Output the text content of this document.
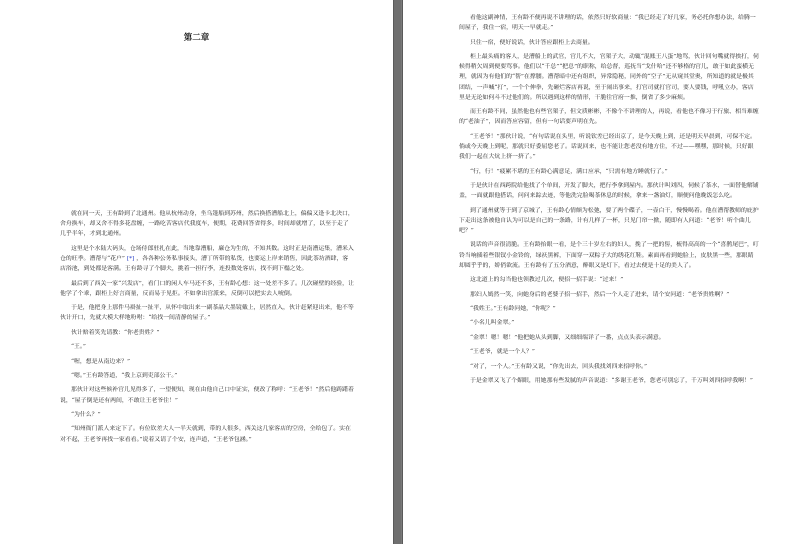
第二章

就在同一天，王有龄到了北通州。他从杭州动身，坐乌篷船到苏州，然后换搭漕船北上，偏偏又逢卡北决口，舍舟换车，却又舍不得多花盘缠，一路吃苦客店代我度车，便期，花费回答省得多，时间却就增了，以至于走了几乎半年，才到北通州。

这里是个水陆大码头，仓场侍郎驻扎在此，当地靠漕船，廉仓为生的，不知其数。这时正是南漕运集，漕米入仓的旺季。漕帮与“花户” [*] ，各各种公务私事接头，漕丁所带的私货，也要运上岸来销售，因此茶坊酒肆，客店浴池，到处都是客满。王有龄寻了个脚夫，挑着一担行李，连投数处客店，找不到下榻之处。

最后到了西关一家“兴发店”，看门口的闲人车马还不多，王有龄心想：这一处差不多了。几次碰壁的经验，让他学了个乖，跟柜上好言商量，反而易于见拒。不如拿出官派来，反倒可以把实去人唬倒。

于是，他把身上那件马褂扯一扯平，从怀中取出来一副茶晶大墨镜戴上，居然直入，伙计赶紧迎出来，他不等伙计开口，先就大模大样地吩咐：“给找一间清静的屋子。”

伙计赔着笑先请教：“你老贵姓？”

“王。”

“喔，想是从南边来？”

“嗯。”王有龄答道，“我上京到吏部公干。”

那伙计对这些候补官儿见得多了，一望便知，现在由他自己口中证实，便改了称呼：“王老爷！”然后他踌躇着说，“屋子倒是还有两间，不敢让王老爷住！”

“为什么？”

“知州衙门派人来定下了。有位钦差大人一半天就到，带的人很多，西关这几家客店的空房，全给包了。实在对不起，王老爷再找一家看看。”说着又请了个安，连声道，“王老爷包涵。”

看他这副神情，王有龄不便再说不讲理的话，依然只好软商量：“我已经走了好几家，务必托你想办法，给腾一间屋子，我住一宿，明天一早就走。”

只住一宿，便好说话，伙计答应跟柜上去商量。

柜上最头痛的客人，是漕船上的武官，官儿不大，官架子大，动辄“混账王八蛋”地骂，伙计回句嘴就得挨打，伺候得稍欠周到便要骂事。他们以“千总”“把总”的职称，给总督，巡抚当“戈什哈”还不够格的官儿，敢于如此蛮横无理，就因为有他们的“帮”在撑腰。漕帮暗中还有组织，异常隐秘，同外的“空子”无从窥其堂奥，所知道的就是极其团结，一声喊“打”，一个个伸拳，先砸烂客店再说，至于闹出事来，打官司就打官司，要人要钱，呼吼立办，客店里是无论如何斗不过他们的。所以遇到这样的情形，干脆往官府一推，倒省了多少麻烦。

而王有龄不同，虽然他也有些官架子，但文质彬彬，不像个不讲理的人，再说，看他也不像习于行旅、相当难缠的“老油子”，因而答应容留，但有一句话要声明在先。

“王老爷！”那伙计说，“有句话说在头里，听说钦差已经出京了，是今天晚上到，还是明天早晨到，可保不定。倘或今天晚上到呢，那就只好委屈您老了。话说回来，也不能让您老没有地方住，不过——嘿嘿，那时候，只好跟我们一起在大炕上挤一挤了。”

“行，行！”疲累不堪的王有龄心满意足，满口应承，“只需有地方睡就行了。”

于是伙计在西跨院给他找了个单间，开发了脚夫，把行李拿到屋内。那伙计叫刘四，伺候了茶水，一面替他解铺盖，一面就跟他搭话，问问来踪去迹，等他洗完脸喝茶休息的时候，拿来一盏油灯，顺便问他晚饭怎么吃。

到了通州就等于到了京城了，王有龄心情颇为松弛，要了两个碟子，一壶白干，慢慢喝着。他在漕帮教师的庇护下走出这条被他自认为可以是自己的一条路，计有几样了一杯，只见门帘一掀，随即有人问道：“老爷！听个曲儿吧？”

说话的声音很清脆。王有龄抬眼一看，是个三十岁左右的妇人，挽了一把的髻，梳得高高的一个“喜鹊尾巴”，叮铃当响插着些银钗小金铃的，绿祆黑裤，下面穿一双粽子大的绣花红鞋。素面再看到她脸上，皮肤黑一些，那眼睛却圆乎乎的，娇俏欲流。王有龄有了五分酒意，醉眼又是灯下，看过去便是十足的美人了。

这北道上的勾当他也领教过几次，便招一招手说：“过来！”

那妇人嫣然一笑，向她身后的老婆子招一招手，然后一个人走了进来，请个安问道：“老爷贵姓啊？”

“我姓王。”王有龄问她，“你呢？”

“小名儿叫金翠。”

“金翠！嗯！嗯！”他把她从头到脚，又细细端详了一番，点点头表示满意。

“王老爷，就是一个人？”

“对了，一个人。”王有龄又说，“你先出去，回头我找刘四来招呼你。”

于是金翠又飞了个媚眼，用她那有些发腻的声音说道：“多谢王老爷，您老可别忘了，千万叫刘四招呼我啊！”
